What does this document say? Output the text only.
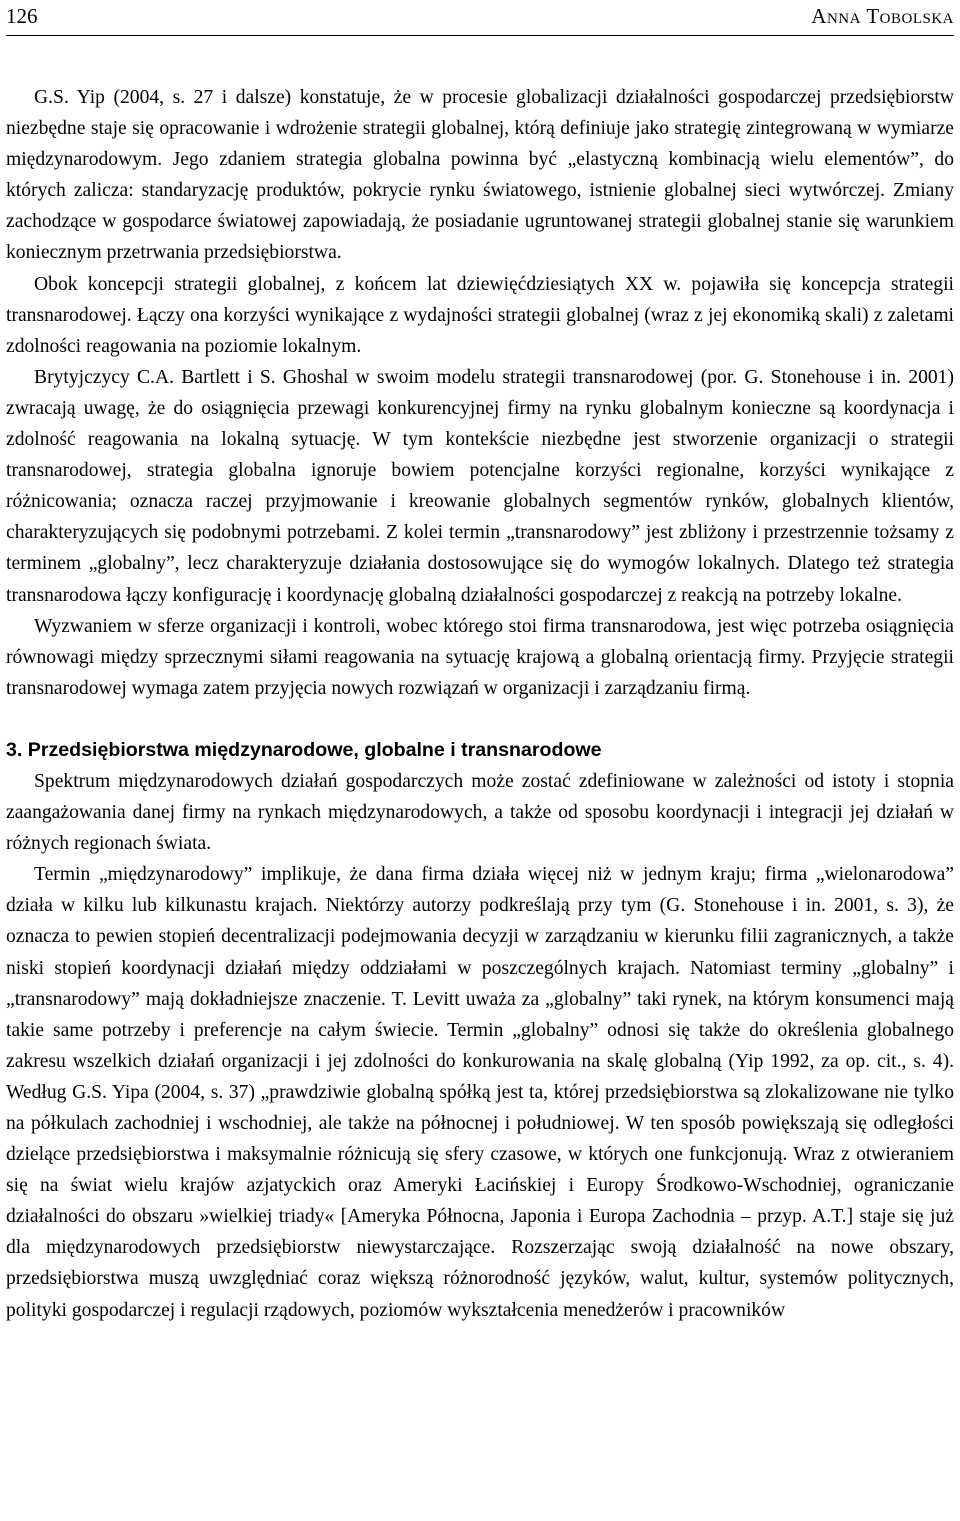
126	Anna Tobolska

G.S. Yip (2004, s. 27 i dalsze) konstatuje, że w procesie globalizacji działalności gospodarczej przedsiębiorstw niezbędne staje się opracowanie i wdrożenie strategii globalnej, którą definiuje jako strategię zintegrowaną w wymiarze międzynarodowym. Jego zdaniem strategia globalna powinna być „elastyczną kombinacją wielu elementów”, do których zalicza: standaryzację produktów, pokrycie rynku światowego, istnienie globalnej sieci wytwórczej. Zmiany zachodzące w gospodarce światowej zapowiadają, że posiadanie ugruntowanej strategii globalnej stanie się warunkiem koniecznym przetrwania przedsiębiorstwa.

Obok koncepcji strategii globalnej, z końcem lat dziewięćdziesiątych XX w. pojawiła się koncepcja strategii transnarodowej. Łączy ona korzyści wynikające z wydajności strategii globalnej (wraz z jej ekonomiką skali) z zaletami zdolności reagowania na poziomie lokalnym.

Brytyjczycy C.A. Bartlett i S. Ghoshal w swoim modelu strategii transnarodowej (por. G. Stonehouse i in. 2001) zwracają uwagę, że do osiągnięcia przewagi konkurencyjnej firmy na rynku globalnym konieczne są koordynacja i zdolność reagowania na lokalną sytuację. W tym kontekście niezbędne jest stworzenie organizacji o strategii transnarodowej, strategia globalna ignoruje bowiem potencjalne korzyści regionalne, korzyści wynikające z różnicowania; oznacza raczej przyjmowanie i kreowanie globalnych segmentów rynków, globalnych klientów, charakteryzujących się podobnymi potrzebami. Z kolei termin „transnarodowy” jest zbliżony i przestrzennie tożsamy z terminem „globalny”, lecz charakteryzuje działania dostosowujące się do wymogów lokalnych. Dlatego też strategia transnarodowa łączy konfigurację i koordynację globalną działalności gospodarczej z reakcją na potrzeby lokalne.

Wyzwaniem w sferze organizacji i kontroli, wobec którego stoi firma transnarodowa, jest więc potrzeba osiągnięcia równowagi między sprzecznymi siłami reagowania na sytuację krajową a globalną orientacją firmy. Przyjęcie strategii transnarodowej wymaga zatem przyjęcia nowych rozwiązań w organizacji i zarządzaniu firmą.

3. Przedsiębiorstwa międzynarodowe, globalne i transnarodowe

Spektrum międzynarodowych działań gospodarczych może zostać zdefiniowane w zależności od istoty i stopnia zaangażowania danej firmy na rynkach międzynarodowych, a także od sposobu koordynacji i integracji jej działań w różnych regionach świata.

Termin „międzynarodowy” implikuje, że dana firma działa więcej niż w jednym kraju; firma „wielonarodowa” działa w kilku lub kilkunastu krajach. Niektórzy autorzy podkreślają przy tym (G. Stonehouse i in. 2001, s. 3), że oznacza to pewien stopień decentralizacji podejmowania decyzji w zarządzaniu w kierunku filii zagranicznych, a także niski stopień koordynacji działań między oddziałami w poszczególnych krajach. Natomiast terminy „globalny” i „transnarodowy” mają dokładniejsze znaczenie. T. Levitt uważa za „globalny” taki rynek, na którym konsumenci mają takie same potrzeby i preferencje na całym świecie. Termin „globalny” odnosi się także do określenia globalnego zakresu wszelkich działań organizacji i jej zdolności do konkurowania na skalę globalną (Yip 1992, za op. cit., s. 4). Według G.S. Yipa (2004, s. 37) „prawdziwie globalną spółką jest ta, której przedsiębiorstwa są zlokalizowane nie tylko na półkulach zachodniej i wschodniej, ale także na północnej i południowej. W ten sposób powiększają się odległości dzielące przedsiębiorstwa i maksymalnie różnicują się sfery czasowe, w których one funkcjonują. Wraz z otwieraniem się na świat wielu krajów azjatyckich oraz Ameryki Łacińskiej i Europy Środkowo-Wschodniej, ograniczanie działalności do obszaru »wielkiej triady« [Ameryka Północna, Japonia i Europa Zachodnia – przyp. A.T.] staje się już dla międzynarodowych przedsiębiorstw niewystarczające. Rozszerzając swoją działalność na nowe obszary, przedsiębiorstwa muszą uwzględniać coraz większą różnorodność języków, walut, kultur, systemów politycznych, polityki gospodarczej i regulacji rządowych, poziomów wykształcenia menedżerów i pracowników
